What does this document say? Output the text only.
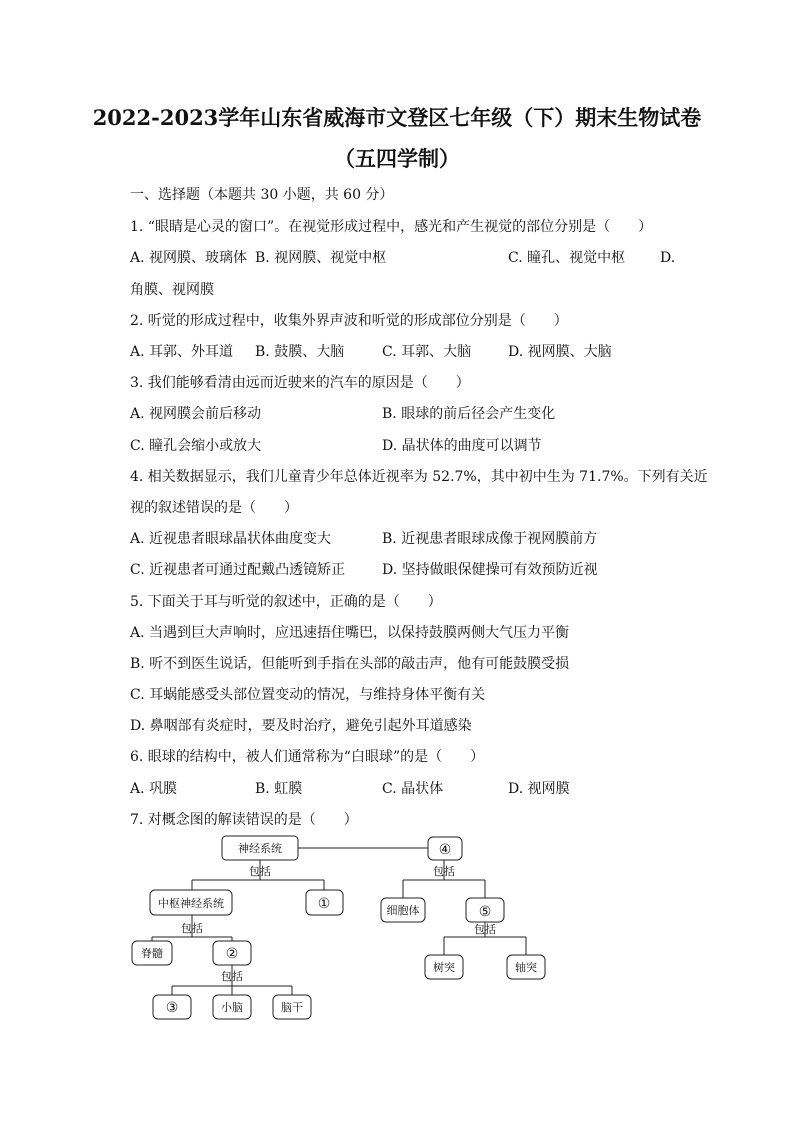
2022-2023学年山东省威海市文登区七年级（下）期末生物试卷
（五四学制）
一、选择题（本题共 30 小题，共 60 分）
1. “眼睛是心灵的窗口”。在视觉形成过程中，感光和产生视觉的部位分别是（　　）
A. 视网膜、玻璃体 B. 视网膜、视觉中枢	C. 瞳孔、视觉中枢 D.
角膜、视网膜
2. 听觉的形成过程中，收集外界声波和听觉的形成部位分别是（　　）
A. 耳郭、外耳道 B. 鼓膜、大脑	C. 耳郭、大脑	D. 视网膜、大脑
3. 我们能够看清由远而近驶来的汽车的原因是（　　）
A. 视网膜会前后移动	B. 眼球的前后径会产生变化
C. 瞳孔会缩小或放大	D. 晶状体的曲度可以调节
4. 相关数据显示，我们儿童青少年总体近视率为 52.7%，其中初中生为 71.7%。下列有关近
视的叙述错误的是（　　）
A. 近视患者眼球晶状体曲度变大	B. 近视患者眼球成像于视网膜前方
C. 近视患者可通过配戴凸透镜矫正	D. 坚持做眼保健操可有效预防近视
5. 下面关于耳与听觉的叙述中，正确的是（　　）
A. 当遇到巨大声响时，应迅速捂住嘴巴，以保持鼓膜两侧大气压力平衡
B. 听不到医生说话，但能听到手指在头部的敲击声，他有可能鼓膜受损
C. 耳蜗能感受头部位置变动的情况，与维持身体平衡有关
D. 鼻咽部有炎症时，要及时治疗，避免引起外耳道感染
6. 眼球的结构中，被人们通常称为“白眼球”的是（　　）
A. 巩膜	B. 虹膜	C. 晶状体	D. 视网膜
7. 对概念图的解读错误的是（　　）
神经系统	④
包括	包括
中枢神经系统	①	细胞体	⑤
包括	包括
脊髓	②
树突	轴突
包括
③	小脑	脑干
